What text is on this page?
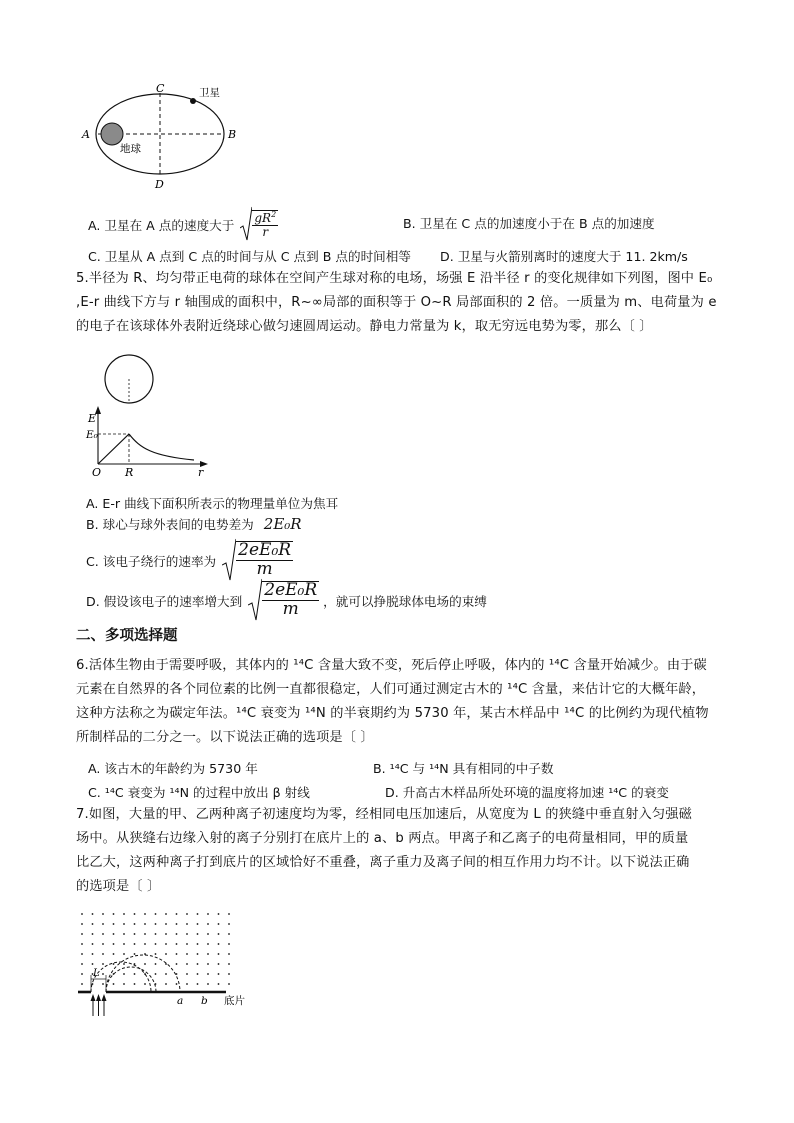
C
D
A	B
卫星
地球
A. 卫星在 A 点的速度大于 $\frac{gR^2}{r}$	B. 卫星在 C 点的加速度小于在 B 点的加速度
C. 卫星从 A 点到 C 点的时间与从 C 点到 B 点的时间相等 D. 卫星与火箭别离时的速度大于 11. 2km/s
5.半径为 R、均匀带正电荷的球体在空间产生球对称的电场，场强 E 沿半径 r 的变化规律如下列图，图中 E₀
,E-r 曲线下方与 r 轴围成的面积中，R~∞局部的面积等于 O~R 局部面积的 2 倍。一质量为 m、电荷量为 e
的电子在该球体外表附近绕球心做匀速圆周运动。静电力常量为 k，取无穷远电势为零，那么〔 〕
E
E₀
O R	r
A. E-r 曲线下面积所表示的物理量单位为焦耳
B. 球心与球外表间的电势差为 2E₀R
C. 该电子绕行的速率为 $\frac{\text{2eE₀R}}{m}$
D. 假设该电子的速率增大到 $\frac{\text{2eE₀R}}{m}$ ，就可以挣脱球体电场的束缚
二、多项选择题
6.活体生物由于需要呼吸，其体内的 ¹⁴C 含量大致不变，死后停止呼吸，体内的 ¹⁴C 含量开始减少。由于碳
元素在自然界的各个同位素的比例一直都很稳定，人们可通过测定古木的 ¹⁴C 含量，来估计它的大概年龄，
这种方法称之为碳定年法。¹⁴C 衰变为 ¹⁴N 的半衰期约为 5730 年，某古木样品中 ¹⁴C 的比例约为现代植物
所制样品的二分之一。以下说法正确的选项是〔 〕
A. 该古木的年龄约为 5730 年	B. ¹⁴C 与 ¹⁴N 具有相同的中子数
C. ¹⁴C 衰变为 ¹⁴N 的过程中放出 β 射线	D. 升高古木样品所处环境的温度将加速 ¹⁴C 的衰变
7.如图，大量的甲、乙两种离子初速度均为零，经相同电压加速后，从宽度为 L 的狭缝中垂直射入匀强磁
场中。从狭缝右边缘入射的离子分别打在底片上的 a、b 两点。甲离子和乙离子的电荷量相同，甲的质量
比乙大，这两种离子打到底片的区域恰好不重叠，离子重力及离子间的相互作用力均不计。以下说法正确
的选项是〔 〕
L
a b 底片
